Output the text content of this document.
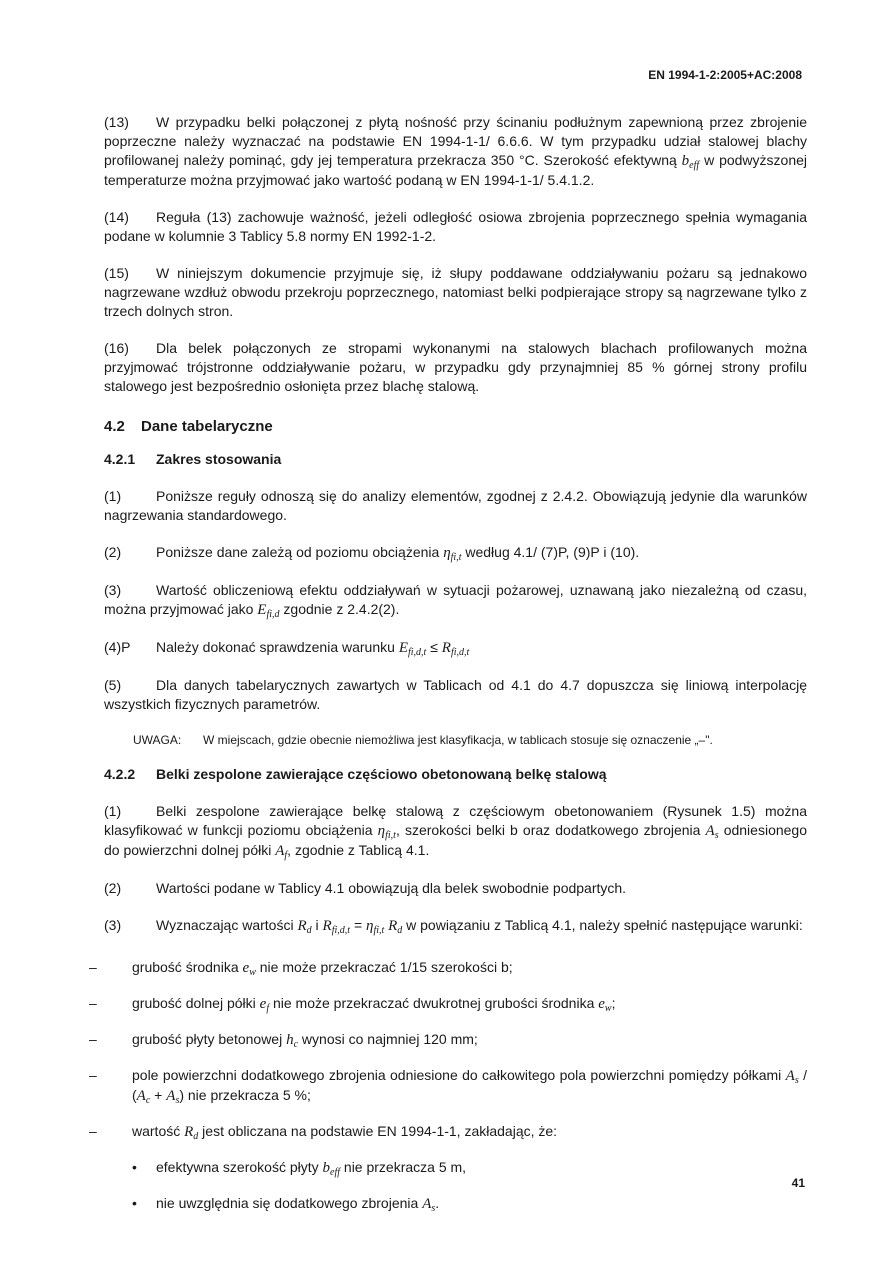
EN 1994-1-2:2005+AC:2008

(13) W przypadku belki połączonej z płytą nośność przy ścinaniu podłużnym zapewnioną przez zbrojenie poprzeczne należy wyznaczać na podstawie EN 1994-1-1/ 6.6.6. W tym przypadku udział stalowej blachy profilowanej należy pominąć, gdy jej temperatura przekracza 350 °C. Szerokość efektywną $b_{eff}$ w podwyższonej temperaturze można przyjmować jako wartość podaną w EN 1994-1-1/ 5.4.1.2.

(14) Reguła (13) zachowuje ważność, jeżeli odległość osiowa zbrojenia poprzecznego spełnia wymagania podane w kolumnie 3 Tablicy 5.8 normy EN 1992-1-2.

(15) W niniejszym dokumencie przyjmuje się, iż słupy poddawane oddziaływaniu pożaru są jednakowo nagrzewane wzdłuż obwodu przekroju poprzecznego, natomiast belki podpierające stropy są nagrzewane tylko z trzech dolnych stron.

(16) Dla belek połączonych ze stropami wykonanymi na stalowych blachach profilowanych można przyjmować trójstronne oddziaływanie pożaru, w przypadku gdy przynajmniej 85 % górnej strony profilu stalowego jest bezpośrednio osłonięta przez blachę stalową.

4.2 Dane tabelaryczne
4.2.1 Zakres stosowania

(1) Poniższe reguły odnoszą się do analizy elementów, zgodnej z 2.4.2. Obowiązują jedynie dla warunków nagrzewania standardowego.

(2) Poniższe dane zależą od poziomu obciążenia $\eta_{fi,t}$ według 4.1/ (7)P, (9)P i (10).

(3) Wartość obliczeniową efektu oddziaływań w sytuacji pożarowej, uznawaną jako niezależną od czasu, można przyjmować jako $E_{fi,d}$ zgodnie z 2.4.2(2).

(4)P Należy dokonać sprawdzenia warunku $E_{fi,d,t} \le R_{fi,d,t}$

(5) Dla danych tabelarycznych zawartych w Tablicach od 4.1 do 4.7 dopuszcza się liniową interpolację wszystkich fizycznych parametrów.

UWAGA: W miejscach, gdzie obecnie niemożliwa jest klasyfikacja, w tablicach stosuje się oznaczenie „–".
4.2.2 Belki zespolone zawierające częściowo obetonowaną belkę stalową

(1) Belki zespolone zawierające belkę stalową z częściowym obetonowaniem (Rysunek 1.5) można klasyfikować w funkcji poziomu obciążenia $\eta_{fi,t}$, szerokości belki b oraz dodatkowego zbrojenia $A_s$ odniesionego do powierzchni dolnej półki $A_f$, zgodnie z Tablicą 4.1.

(2) Wartości podane w Tablicy 4.1 obowiązują dla belek swobodnie podpartych.

(3) Wyznaczając wartości $R_d$ i $R_{fi,d,t} = \eta_{fi,t}$ $R_d$ w powiązaniu z Tablicą 4.1, należy spełnić następujące warunki:

–	grubość środnika $e_w$ nie może przekraczać 1/15 szerokości b;
–	grubość dolnej półki $e_f$ nie może przekraczać dwukrotnej grubości środnika $e_w$;
–	grubość płyty betonowej $h_c$ wynosi co najmniej 120 mm;
–	pole powierzchni dodatkowego zbrojenia odniesione do całkowitego pola powierzchni pomiędzy półkami $A_s / (A_c + A_s)$ nie przekracza 5 %;
–	wartość $R_d$ jest obliczana na podstawie EN 1994-1-1, zakładając, że:
• efektywna szerokość płyty $b_{eff}$ nie przekracza 5 m,
• nie uwzględnia się dodatkowego zbrojenia $A_s$.
41
